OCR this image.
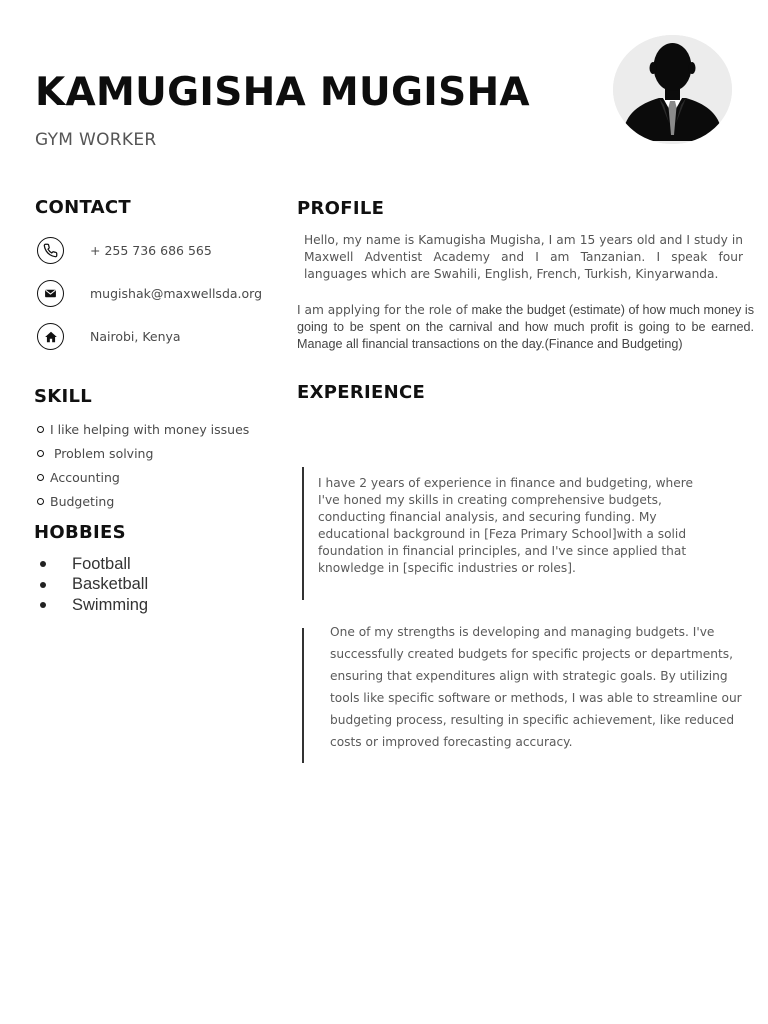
KAMUGISHA MUGISHA
GYM WORKER
CONTACT
+ 255 736 686 565
mugishak@maxwellsda.org
Nairobi, Kenya
SKILL
I like helping with money issues
Problem solving
Accounting
Budgeting
HOBBIES
Football
Basketball
Swimming
PROFILE

Hello, my name is Kamugisha Mugisha, I am 15 years old and I study in Maxwell Adventist Academy and I am Tanzanian. I speak four languages which are Swahili, English, French, Turkish, Kinyarwanda.

I am applying for the role of make the budget (estimate) of how much money is going to be spent on the carnival and how much profit is going to be earned. Manage all financial transactions on the day.(Finance and Budgeting)

EXPERIENCE

I have 2 years of experience in finance and budgeting, where I've honed my skills in creating comprehensive budgets, conducting financial analysis, and securing funding. My educational background in [Feza Primary School]with a solid foundation in financial principles, and I've since applied that knowledge in [specific industries or roles].

One of my strengths is developing and managing budgets. I've successfully created budgets for specific projects or departments, ensuring that expenditures align with strategic goals. By utilizing tools like specific software or methods, I was able to streamline our budgeting process, resulting in specific achievement, like reduced costs or improved forecasting accuracy.
